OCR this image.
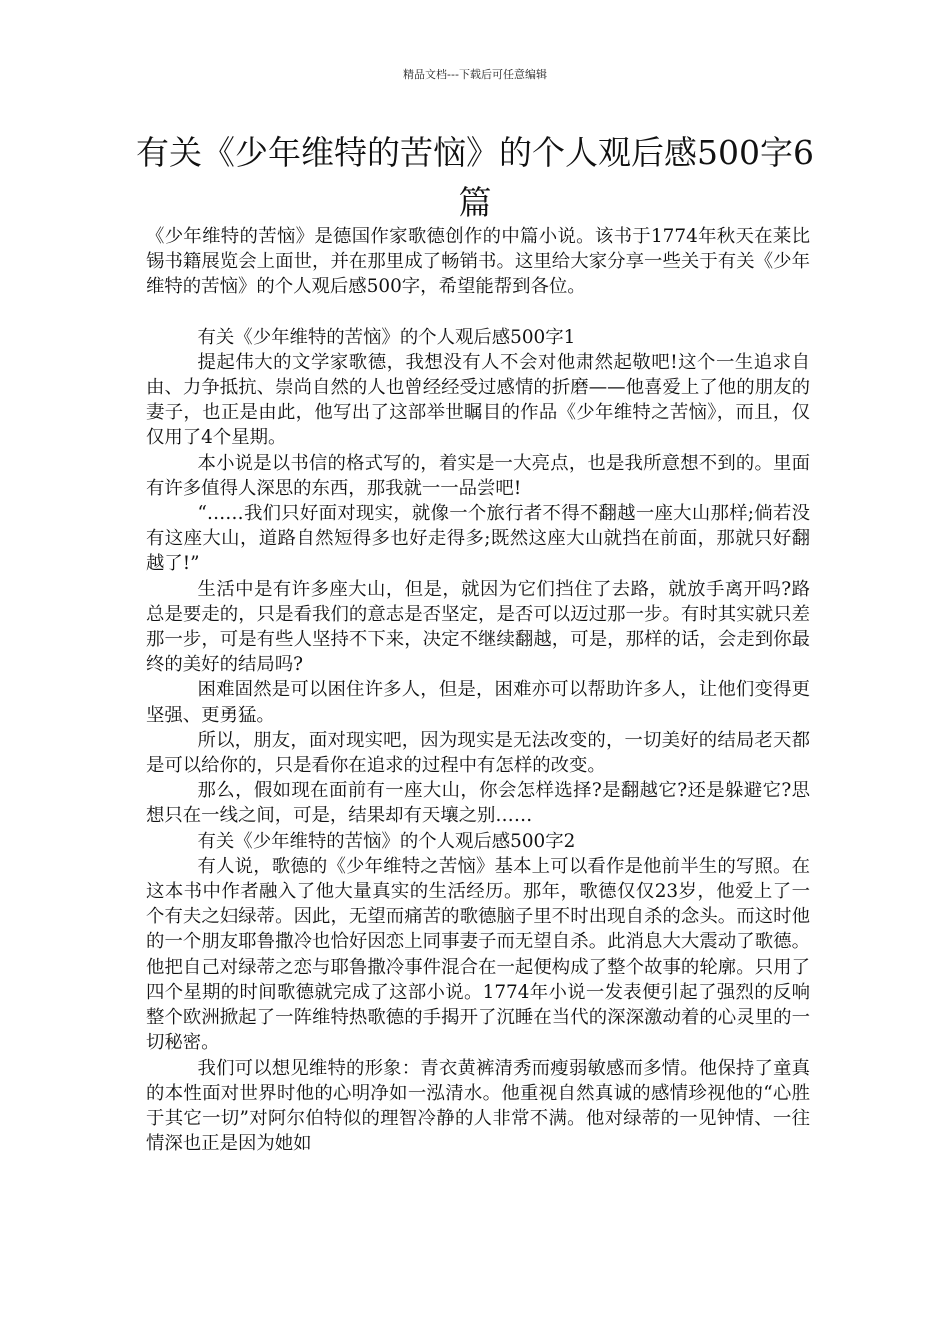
精品文档---下载后可任意编辑
有关《少年维特的苦恼》的个人观后感500字6篇

《少年维特的苦恼》是德国作家歌德创作的中篇小说。该书于1774年秋天在莱比锡书籍展览会上面世，并在那里成了畅销书。这里给大家分享一些关于有关《少年维特的苦恼》的个人观后感500字，希望能帮到各位。

有关《少年维特的苦恼》的个人观后感500字1

提起伟大的文学家歌德，我想没有人不会对他肃然起敬吧!这个一生追求自由、力争抵抗、崇尚自然的人也曾经经受过感情的折磨——他喜爱上了他的朋友的妻子，也正是由此，他写出了这部举世瞩目的作品《少年维特之苦恼》，而且，仅仅用了4个星期。

本小说是以书信的格式写的，着实是一大亮点，也是我所意想不到的。里面有许多值得人深思的东西，那我就一一品尝吧!

“……我们只好面对现实，就像一个旅行者不得不翻越一座大山那样;倘若没有这座大山，道路自然短得多也好走得多;既然这座大山就挡在前面，那就只好翻越了!”

生活中是有许多座大山，但是，就因为它们挡住了去路，就放手离开吗?路总是要走的，只是看我们的意志是否坚定，是否可以迈过那一步。有时其实就只差那一步，可是有些人坚持不下来，决定不继续翻越，可是，那样的话，会走到你最终的美好的结局吗?

困难固然是可以困住许多人，但是，困难亦可以帮助许多人，让他们变得更坚强、更勇猛。

所以，朋友，面对现实吧，因为现实是无法改变的，一切美好的结局老天都是可以给你的，只是看你在追求的过程中有怎样的改变。

那么，假如现在面前有一座大山，你会怎样选择?是翻越它?还是躲避它?思想只在一线之间，可是，结果却有天壤之别……

有关《少年维特的苦恼》的个人观后感500字2

有人说，歌德的《少年维特之苦恼》基本上可以看作是他前半生的写照。在这本书中作者融入了他大量真实的生活经历。那年，歌德仅仅23岁，他爱上了一个有夫之妇绿蒂。因此，无望而痛苦的歌德脑子里不时出现自杀的念头。而这时他的一个朋友耶鲁撒冷也恰好因恋上同事妻子而无望自杀。此消息大大震动了歌德。他把自己对绿蒂之恋与耶鲁撒冷事件混合在一起便构成了整个故事的轮廓。只用了四个星期的时间歌德就完成了这部小说。1774年小说一发表便引起了强烈的反响整个欧洲掀起了一阵维特热歌德的手揭开了沉睡在当代的深深激动着的心灵里的一切秘密。

我们可以想见维特的形象：青衣黄裤清秀而瘦弱敏感而多情。他保持了童真的本性面对世界时他的心明净如一泓清水。他重视自然真诚的感情珍视他的“心胜于其它一切”对阿尔伯特似的理智冷静的人非常不满。他对绿蒂的一见钟情、一往情深也正是因为她如
